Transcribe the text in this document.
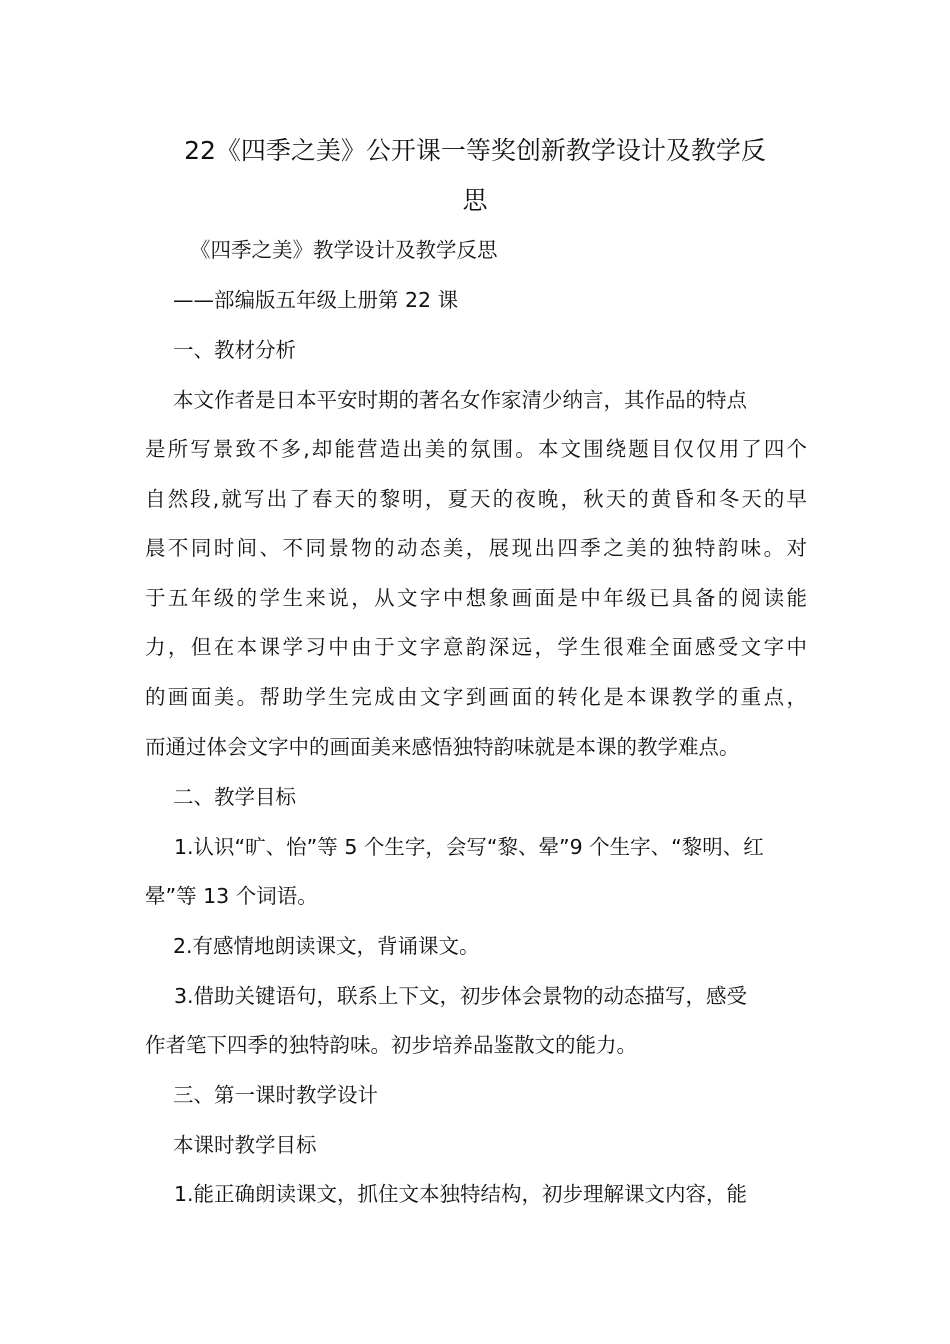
22《四季之美》公开课一等奖创新教学设计及教学反
思
《四季之美》教学设计及教学反思
——部编版五年级上册第 22 课
一、教材分析
本文作者是日本平安时期的著名女作家清少纳言，其作品的特点
是所写景致不多,却能营造出美的氛围。本文围绕题目仅仅用了四个
自然段,就写出了春天的黎明，夏天的夜晚，秋天的黄昏和冬天的早
晨不同时间、不同景物的动态美，展现出四季之美的独特韵味。对
于五年级的学生来说，从文字中想象画面是中年级已具备的阅读能
力，但在本课学习中由于文字意韵深远，学生很难全面感受文字中
的画面美。帮助学生完成由文字到画面的转化是本课教学的重点，
而通过体会文字中的画面美来感悟独特韵味就是本课的教学难点。
二、教学目标
1.认识“旷、怡”等 5 个生字，会写“黎、晕”9 个生字、“黎明、红
晕”等 13 个词语。
2.有感情地朗读课文，背诵课文。
3.借助关键语句，联系上下文，初步体会景物的动态描写，感受
作者笔下四季的独特韵味。初步培养品鉴散文的能力。
三、第一课时教学设计
本课时教学目标
1.能正确朗读课文，抓住文本独特结构，初步理解课文内容，能
